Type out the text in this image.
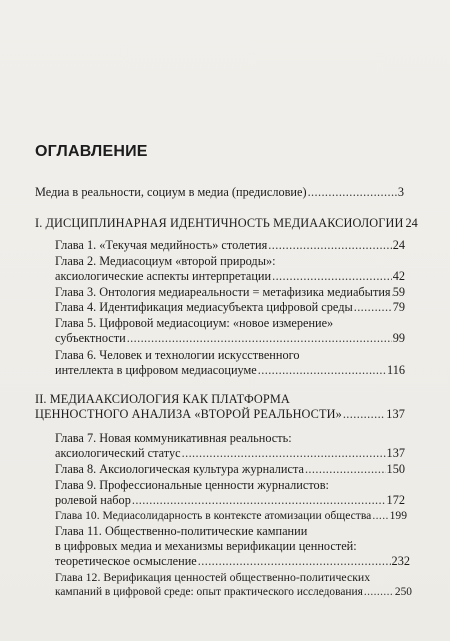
ОГЛАВЛЕНИЕ
Медиа в реальности, социум в медиа (предисловие) .....	3
I. ДИСЦИПЛИНАРНАЯ ИДЕНТИЧНОСТЬ МЕДИААКСИОЛОГИИ 24
Глава 1. «Текучая медийность» столетия .....	24
Глава 2. Медиасоциум «второй природы»:
аксиологические аспекты интерпретации .....	42
Глава 3. Онтология медиареальности = метафизика медиабытия ..... 59
Глава 4. Идентификация медиасубъекта цифровой среды .....	79
Глава 5. Цифровой медиасоциум: «новое измерение»
субъектности .....	99
Глава 6. Человек и технологии искусственного
интеллекта в цифровом медиасоциуме .....	116
II. МЕДИААКСИОЛОГИЯ КАК ПЛАТФОРМА
ЦЕННОСТНОГО АНАЛИЗА «ВТОРОЙ РЕАЛЬНОСТИ» .....	137
Глава 7. Новая коммуникативная реальность:
аксиологический статус .....	137
Глава 8. Аксиологическая культура журналиста .....	150
Глава 9. Профессиональные ценности журналистов:
ролевой набор .....	172
Глава 10. Медиасолидарность в контексте атомизации общества ..... 199
Глава 11. Общественно-политические кампании
в цифровых медиа и механизмы верификации ценностей:
теоретическое осмысление .....	232
Глава 12. Верификация ценностей общественно-политических
кампаний в цифровой среде: опыт практического исследования .....	250
